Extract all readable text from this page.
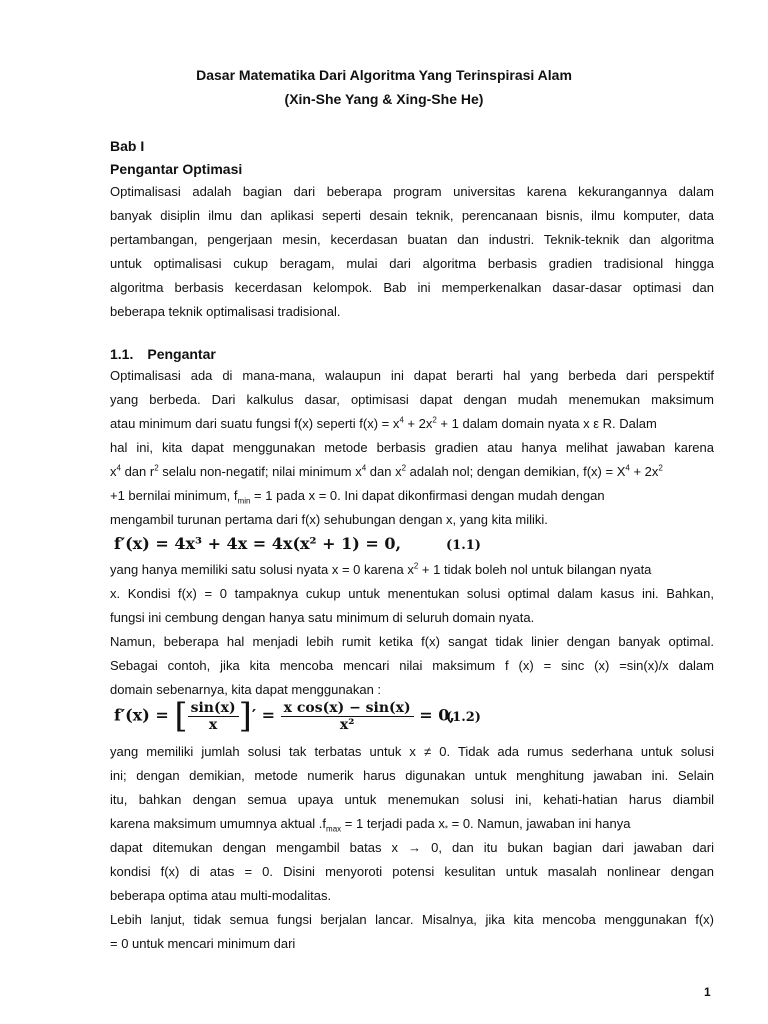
Dasar Matematika Dari Algoritma Yang Terinspirasi Alam
(Xin-She Yang & Xing-She He)
Bab I
Pengantar Optimasi
Optimalisasi adalah bagian dari beberapa program universitas karena kekurangannya dalam
banyak disiplin ilmu dan aplikasi seperti desain teknik, perencanaan bisnis, ilmu komputer, data
pertambangan, pengerjaan mesin, kecerdasan buatan dan industri. Teknik-teknik dan algoritma
untuk optimalisasi cukup beragam, mulai dari algoritma berbasis gradien tradisional hingga
algoritma berbasis kecerdasan kelompok. Bab ini memperkenalkan dasar-dasar optimasi dan
beberapa teknik optimalisasi tradisional.
1.1. Pengantar
Optimalisasi ada di mana-mana, walaupun ini dapat berarti hal yang berbeda dari perspektif
yang berbeda. Dari kalkulus dasar, optimisasi dapat dengan mudah menemukan maksimum
atau minimum dari suatu fungsi f(x) seperti $f(x) = x^4 + 2x^2 + 1$ dalam domain nyata x ε R. Dalam
hal ini, kita dapat menggunakan metode berbasis gradien atau hanya melihat jawaban karena
$x^4$ dan $r^2$ selalu non-negatif; nilai minimum $x^4$ dan $x^2$ adalah nol; dengan demikian, $f(x) = X^4 + 2x^2$
+1 bernilai minimum, $f_{min} = 1$ pada x = 0. Ini dapat dikonfirmasi dengan mudah dengan
mengambil turunan pertama dari f(x) sehubungan dengan x, yang kita miliki.
f′(x) = 4x³ + 4x = 4x(x² + 1) = 0,	(1.1)
yang hanya memiliki satu solusi nyata x = 0 karena $x^2 + 1$ tidak boleh nol untuk bilangan nyata
x. Kondisi f(x) = 0 tampaknya cukup untuk menentukan solusi optimal dalam kasus ini. Bahkan,
fungsi ini cembung dengan hanya satu minimum di seluruh domain nyata.
Namun, beberapa hal menjadi lebih rumit ketika f(x) sangat tidak linier dengan banyak optimal.
Sebagai contoh, jika kita mencoba mencari nilai maksimum f (x) = sinc (x) =sin(x)/x dalam
domain sebenarnya, kita dapat menggunakan :
f′(x) = [ $\frac{\sin(x)}{x}$ ]′ = $\frac{\text{x cos(x) − sin(x)}}{\text{x²}} = 0$,
(1.2)
yang memiliki jumlah solusi tak terbatas untuk x ≠ 0. Tidak ada rumus sederhana untuk solusi
ini; dengan demikian, metode numerik harus digunakan untuk menghitung jawaban ini. Selain
itu, bahkan dengan semua upaya untuk menemukan solusi ini, kehati-hatian harus diambil
karena maksimum umumnya aktual $.f_{max} = 1$ terjadi pada $x_* = 0$. Namun, jawaban ini hanya
dapat ditemukan dengan mengambil batas x → 0, dan itu bukan bagian dari jawaban dari
kondisi f(x) di atas = 0. Disini menyoroti potensi kesulitan untuk masalah nonlinear dengan
beberapa optima atau multi-modalitas.
Lebih lanjut, tidak semua fungsi berjalan lancar. Misalnya, jika kita mencoba menggunakan f(x)
= 0 untuk mencari minimum dari
1
